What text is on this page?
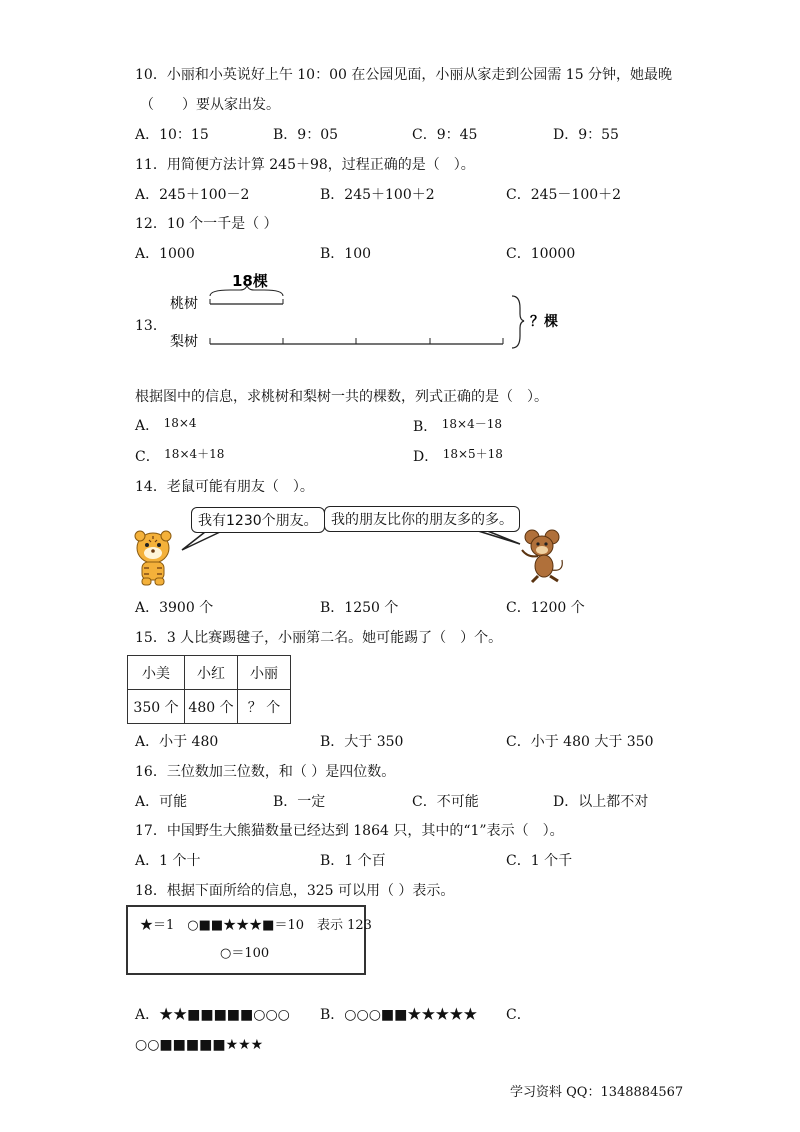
10．小丽和小英说好上午 10：00 在公园见面，小丽从家走到公园需 15 分钟，她最晚
（　　）要从家出发。
A．10：15	B．9：05	C．9：45	D．9：55
11．用简便方法计算 245＋98，过程正确的是（　）。
A．245＋100－2	B．245＋100＋2	C．245－100＋2
12．10 个一千是（ ）
A．1000	B．100	C．10000
13．
18棵
桃树
梨树
？棵
根据图中的信息，求桃树和梨树一共的棵数，列式正确的是（　）。
A． 18×4	B． 18×4－18
C． 18×4＋18	D． 18×5＋18
14．老鼠可能有朋友（　）。
我有1230个朋友。 我的朋友比你的朋友多的多。
A．3900 个	B．1250 个	C．1200 个
15．3 人比赛踢毽子，小丽第二名。她可能踢了（　）个。
小美	小红	小丽
350 个	480 个	？ 个
A．小于 480	B．大于 350	C．小于 480 大于 350
16．三位数加三位数，和（ ）是四位数。
A．可能	B．一定	C．不可能	D．以上都不对
17．中国野生大熊猫数量已经达到 1864 只，其中的“1”表示（　）。
A．1 个十	B．1 个百	C．1 个千
18．根据下面所给的信息，325 可以用（ ）表示。
★＝1　○■■★★★■＝10　表示 123
○＝100
A．★★■■■■■○○○ B．○○○■■★★★★★ C．
○○■■■■■★★★
学习资料 QQ：1348884567
